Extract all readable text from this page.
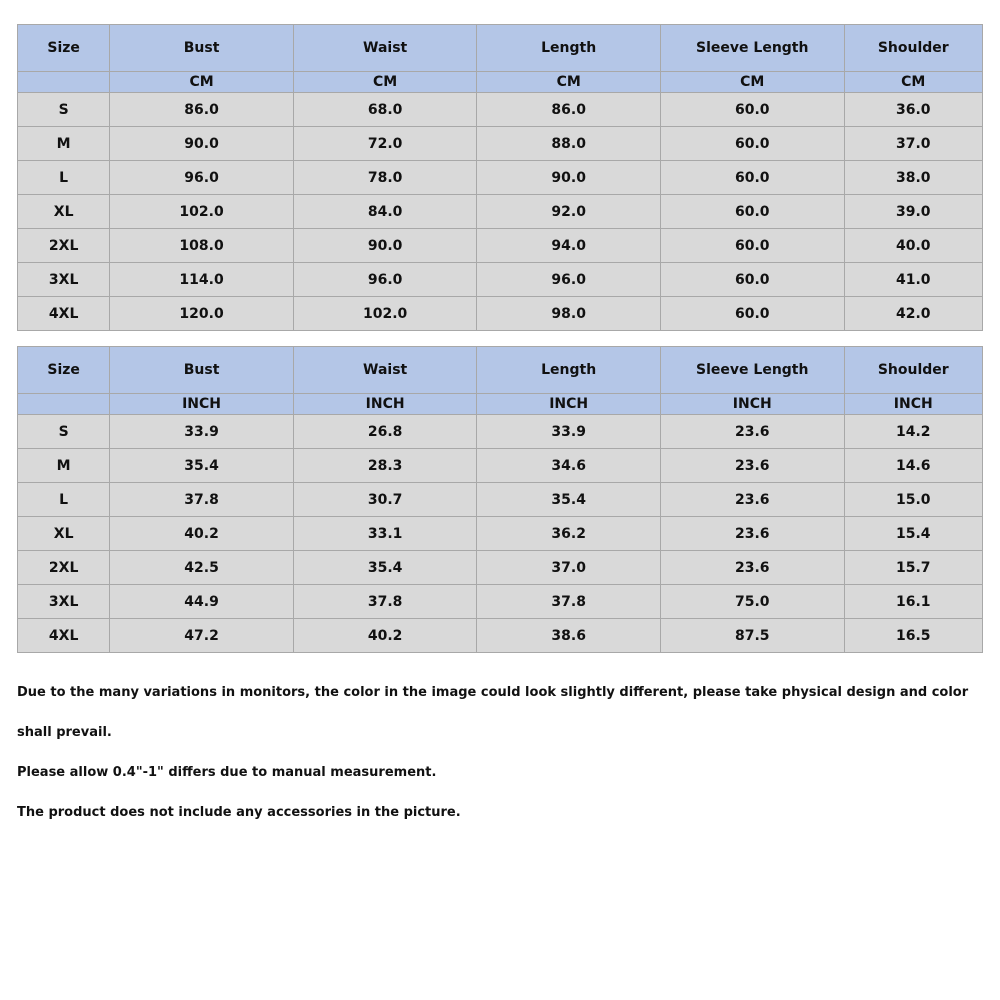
Size	Bust	Waist	Length	Sleeve Length	Shoulder
	CM	CM	CM	CM	CM
S	86.0	68.0	86.0	60.0	36.0
M	90.0	72.0	88.0	60.0	37.0
L	96.0	78.0	90.0	60.0	38.0
XL	102.0	84.0	92.0	60.0	39.0
2XL	108.0	90.0	94.0	60.0	40.0
3XL	114.0	96.0	96.0	60.0	41.0
4XL	120.0	102.0	98.0	60.0	42.0
Size	Bust	Waist	Length	Sleeve Length	Shoulder
	INCH	INCH	INCH	INCH	INCH
S	33.9	26.8	33.9	23.6	14.2
M	35.4	28.3	34.6	23.6	14.6
L	37.8	30.7	35.4	23.6	15.0
XL	40.2	33.1	36.2	23.6	15.4
2XL	42.5	35.4	37.0	23.6	15.7
3XL	44.9	37.8	37.8	75.0	16.1
4XL	47.2	40.2	38.6	87.5	16.5
Due to the many variations in monitors, the color in the image could look slightly different, please take physical design and color
shall prevail.
Please allow 0.4"-1" differs due to manual measurement.
The product does not include any accessories in the picture.
